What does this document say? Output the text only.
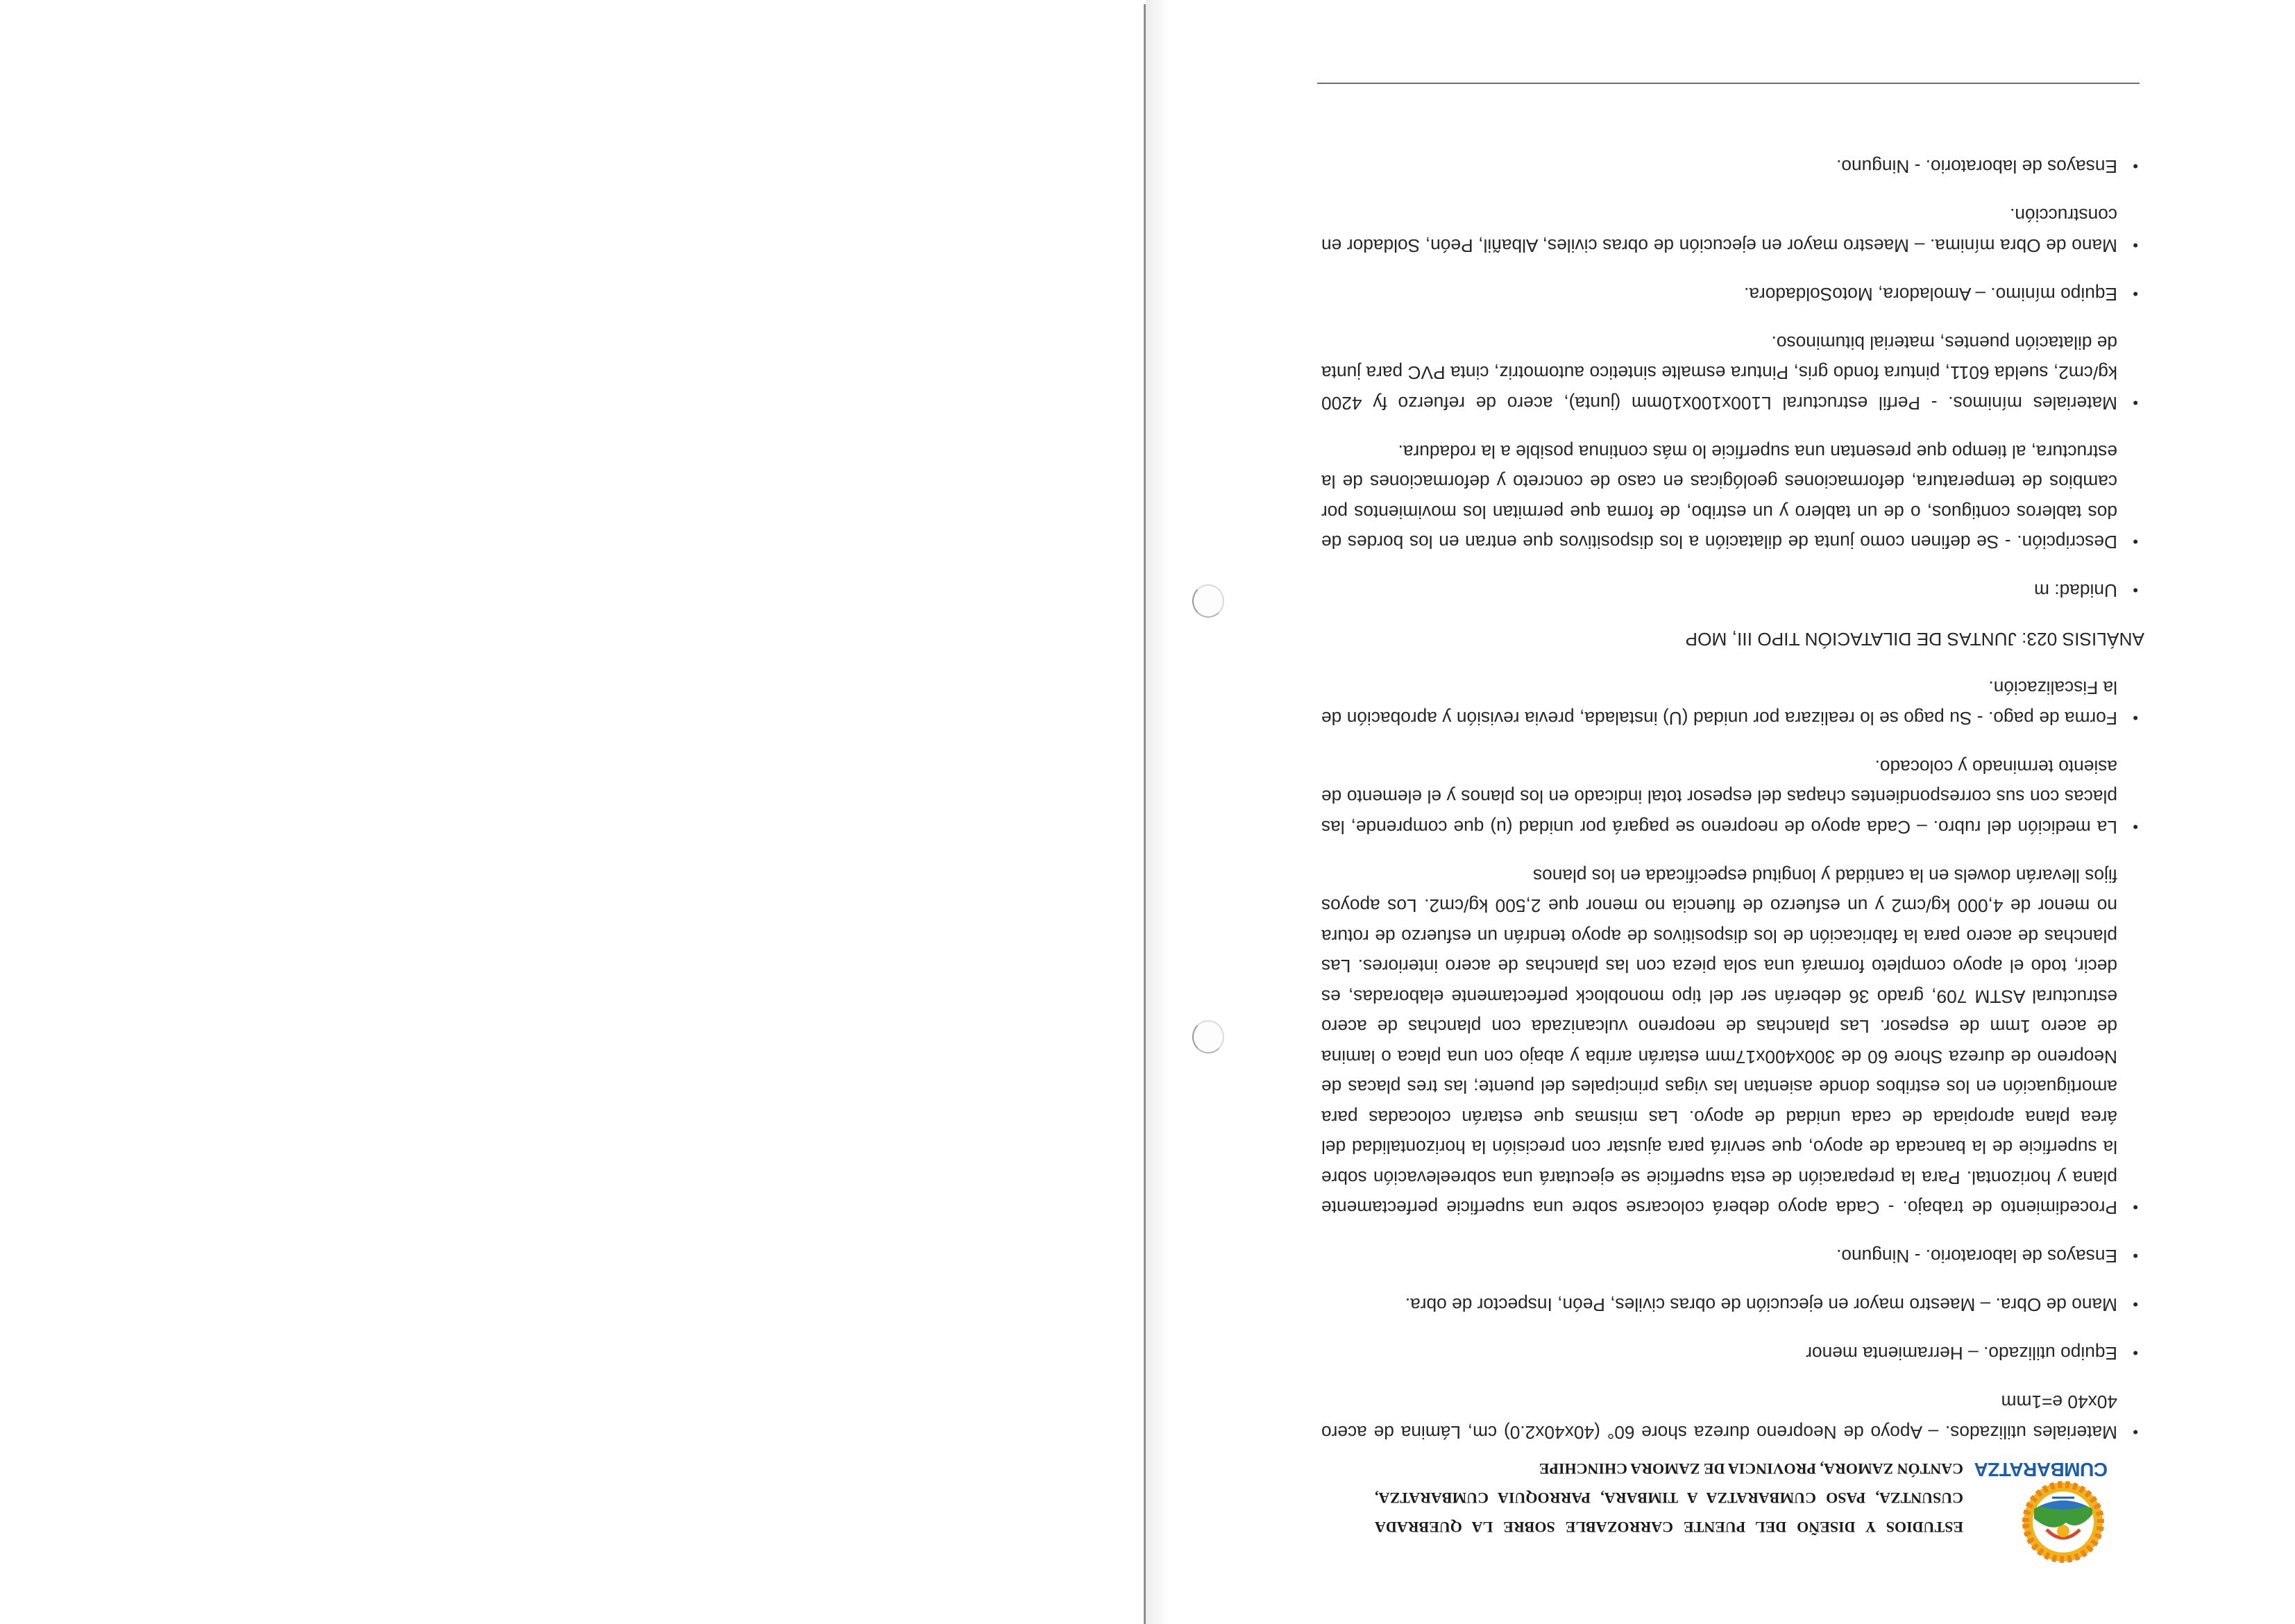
CUMBARATZA
ESTUDIOS Y DISEÑO DEL PUENTE CARROZABLE SOBRE LA QUEBRADA
CUSUNTZA, PASO CUMBARATZA A TIMBARA, PARROQUIA CUMBARATZA,
CANTÓN ZAMORA, PROVINCIA DE ZAMORA CHINCHIPE
• Materiales utilizados. – Apoyo de Neopreno dureza shore 60° (40x40x2.0) cm, Lámina de acero 40x40 e=1mm
• Equipo utilizado. – Herramienta menor
• Mano de Obra. – Maestro mayor en ejecución de obras civiles, Peón, Inspector de obra.
• Ensayos de laboratorio. - Ninguno.
• Procedimiento de trabajo. - Cada apoyo deberá colocarse sobre una superficie perfectamente plana y horizontal. Para la preparación de esta superficie se ejecutará una sobreelevación sobre la superficie de la bancada de apoyo, que servirá para ajustar con precisión la horizontalidad del área plana apropiada de cada unidad de apoyo. Las mismas que estarán colocadas para amortiguación en los estribos donde asientan las vigas principales del puente; las tres placas de Neopreno de dureza Shore 60 de 300x400x17mm estarán arriba y abajo con una placa o lamina de acero 1mm de espesor. Las planchas de neopreno vulcanizada con planchas de acero estructural ASTM 709, grado 36 deberán ser del tipo monoblock perfectamente elaboradas, es decir, todo el apoyo completo formará una sola pieza con las planchas de acero interiores. Las planchas de acero para la fabricación de los dispositivos de apoyo tendrán un esfuerzo de rotura no menor de 4,000 kg/cm2 y un esfuerzo de fluencia no menor que 2,500 kg/cm2. Los apoyos fijos llevarán dowels en la cantidad y longitud especificada en los planos
• La medición del rubro. – Cada apoyo de neopreno se pagará por unidad (u) que comprende, las placas con sus correspondientes chapas del espesor total indicado en los planos y el elemento de asiento terminado y colocado.
• Forma de pago. - Su pago se lo realizara por unidad (U) instalada, previa revisión y aprobación de la Fiscalización.
ANÁLISIS 023: JUNTAS DE DILATACIÓN TIPO III, MOP
• Unidad: m
• Descripción. - Se definen como junta de dilatación a los dispositivos que entran en los bordes de dos tableros contiguos, o de un tablero y un estribo, de forma que permitan los movimientos por cambios de temperatura, deformaciones geológicas en caso de concreto y deformaciones de la estructura, al tiempo que presentan una superficie lo más continua posible a la rodadura.
• Materiales mínimos. - Perfil estructural L100x100x10mm (junta), acero de refuerzo fy 4200 kg/cm2, suelda 6011, pintura fondo gris, Pintura esmalte sintetico automotriz, cinta PVC para junta de dilatación puentes, material bituminoso.
• Equipo mínimo. – Amoladora, MotoSoldadora.
• Mano de Obra mínima. – Maestro mayor en ejecución de obras civiles, Albañil, Peón, Soldador en construcción.
• Ensayos de laboratorio. - Ninguno.
